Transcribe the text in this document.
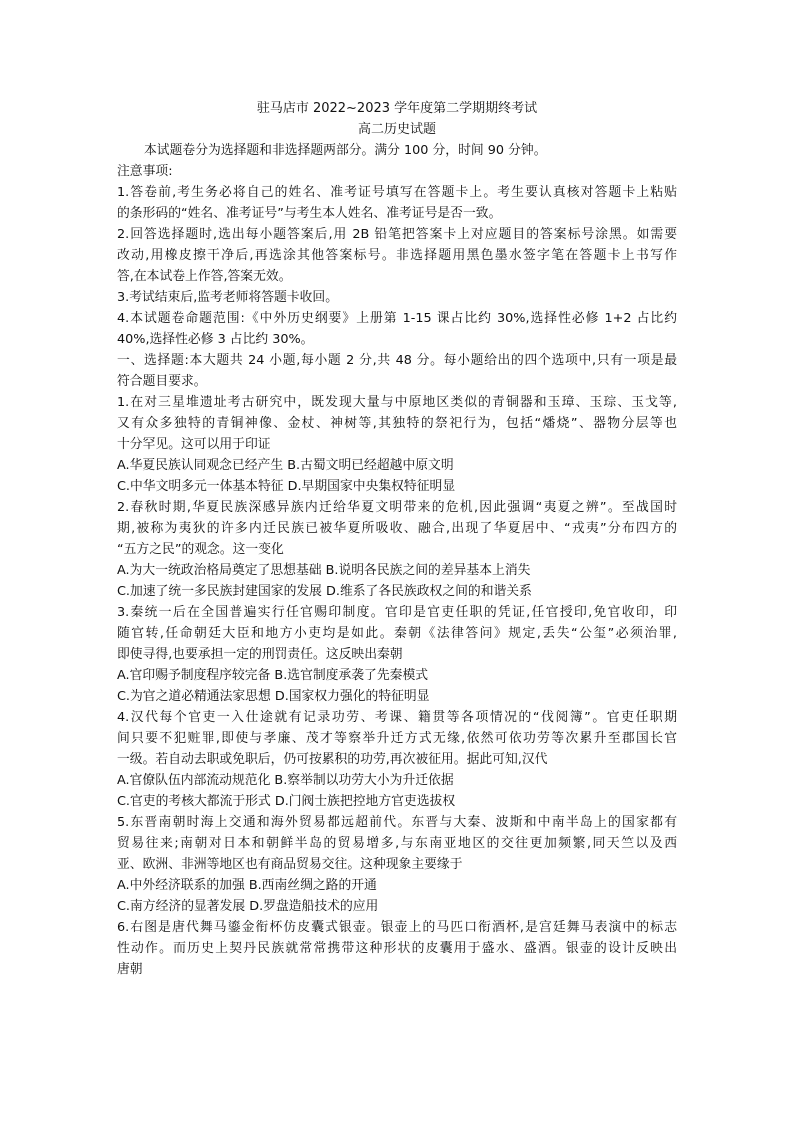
驻马店市 2022~2023 学年度第二学期期终考试
高二历史试题
本试题卷分为选择题和非选择题两部分。满分 100 分，时间 90 分钟。
注意事项:
1.答卷前,考生务必将自己的姓名、准考证号填写在答题卡上。考生要认真核对答题卡上粘贴
的条形码的“姓名、准考证号”与考生本人姓名、准考证号是否一致。
2.回答选择题时,选出每小题答案后,用 2B 铅笔把答案卡上对应题目的答案标号涂黑。如需要
改动,用橡皮擦干净后,再选涂其他答案标号。非选择题用黑色墨水签字笔在答题卡上书写作
答,在本试卷上作答,答案无效。
3.考试结束后,监考老师将答题卡收回。
4.本试题卷命题范围:《中外历史纲要》上册第 1-15 课占比约 30%,选择性必修 1+2 占比约
40%,选择性必修 3 占比约 30%。
一、选择题:本大题共 24 小题,每小题 2 分,共 48 分。每小题给出的四个选项中,只有一项是最
符合题目要求。
1.在对三星堆遗址考古研究中，既发现大量与中原地区类似的青铜器和玉璋、玉琮、玉戈等,
又有众多独特的青铜神像、金杖、神树等,其独特的祭祀行为，包括“燔烧”、器物分层等也
十分罕见。这可以用于印证
A.华夏民族认同观念已经产生 B.古蜀文明已经超越中原文明
C.中华文明多元一体基本特征 D.早期国家中央集权特征明显
2.春秋时期,华夏民族深感异族内迁给华夏文明带来的危机,因此强调“夷夏之辨”。至战国时
期,被称为夷狄的许多内迁民族已被华夏所吸收、融合,出现了华夏居中、“戎夷”分布四方的
“五方之民”的观念。这一变化
A.为大一统政治格局奠定了思想基础 B.说明各民族之间的差异基本上消失
C.加速了统一多民族封建国家的发展 D.维系了各民族政权之间的和谐关系
3.秦统一后在全国普遍实行任官赐印制度。官印是官吏任职的凭证,任官授印,免官收印，印
随官转,任命朝廷大臣和地方小吏均是如此。秦朝《法律答问》规定,丢失“公玺”必须治罪,
即使寻得,也要承担一定的刑罚责任。这反映出秦朝
A.官印赐予制度程序较完备 B.选官制度承袭了先秦模式
C.为官之道必精通法家思想 D.国家权力强化的特征明显
4.汉代每个官吏一入仕途就有记录功劳、考课、籍贯等各项情况的“伐阅簿”。官吏任职期
间只要不犯赃罪,即使与孝廉、茂才等察举升迁方式无缘,依然可依功劳等次累升至郡国长官
一级。若自动去职或免职后，仍可按累积的功劳,再次被征用。据此可知,汉代
A.官僚队伍内部流动规范化 B.察举制以功劳大小为升迁依据
C.官吏的考核大都流于形式 D.门阀士族把控地方官吏选拔权
5.东晋南朝时海上交通和海外贸易都远超前代。东晋与大秦、波斯和中南半岛上的国家都有
贸易往来;南朝对日本和朝鲜半岛的贸易增多,与东南亚地区的交往更加频繁,同天竺以及西
亚、欧洲、非洲等地区也有商品贸易交往。这种现象主要缘于
A.中外经济联系的加强 B.西南丝绸之路的开通
C.南方经济的显著发展 D.罗盘造船技术的应用
6.右图是唐代舞马鎏金衔杯仿皮囊式银壶。银壶上的马匹口衔酒杯,是宫廷舞马表演中的标志
性动作。而历史上契丹民族就常常携带这种形状的皮囊用于盛水、盛酒。银壶的设计反映出
唐朝
